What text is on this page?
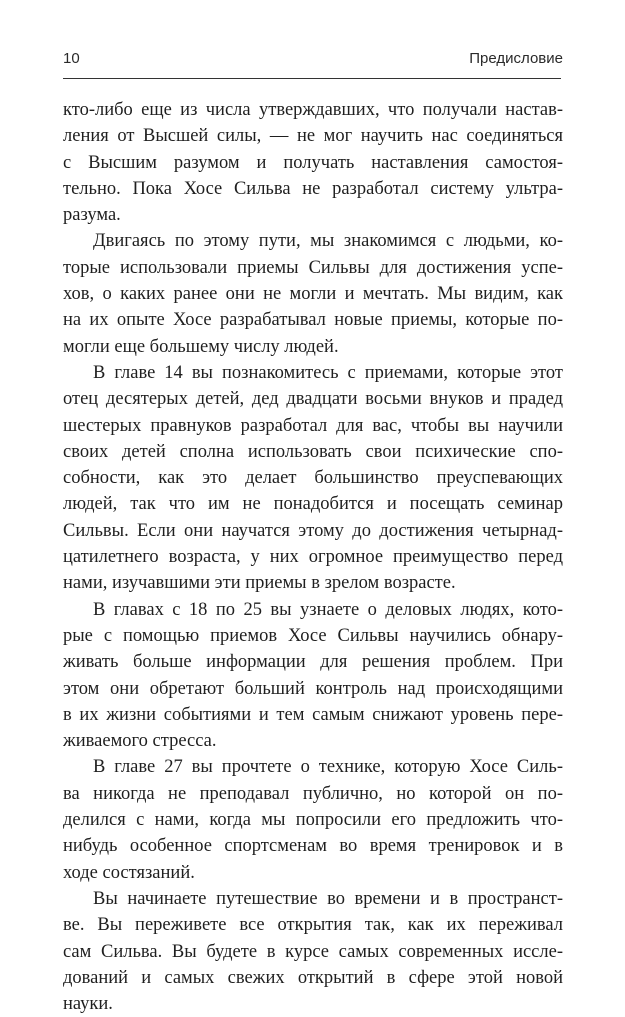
10	Предисловие
кто-либо еще из числа утверждавших, что получали настав-
ления от Высшей силы, — не мог научить нас соединяться
с Высшим разумом и получать наставления самостоя-
тельно. Пока Хосе Сильва не разработал систему ультра-
разума.
Двигаясь по этому пути, мы знакомимся с людьми, ко-
торые использовали приемы Сильвы для достижения успе-
хов, о каких ранее они не могли и мечтать. Мы видим, как
на их опыте Хосе разрабатывал новые приемы, которые по-
могли еще большему числу людей.
В главе 14 вы познакомитесь с приемами, которые этот
отец десятерых детей, дед двадцати восьми внуков и прадед
шестерых правнуков разработал для вас, чтобы вы научили
своих детей сполна использовать свои психические спо-
собности, как это делает большинство преуспевающих
людей, так что им не понадобится и посещать семинар
Сильвы. Если они научатся этому до достижения четырнад-
цатилетнего возраста, у них огромное преимущество перед
нами, изучавшими эти приемы в зрелом возрасте.
В главах с 18 по 25 вы узнаете о деловых людях, кото-
рые с помощью приемов Хосе Сильвы научились обнару-
живать больше информации для решения проблем. При
этом они обретают больший контроль над происходящими
в их жизни событиями и тем самым снижают уровень пере-
живаемого стресса.
В главе 27 вы прочтете о технике, которую Хосе Силь-
ва никогда не преподавал публично, но которой он по-
делился с нами, когда мы попросили его предложить что-
нибудь особенное спортсменам во время тренировок и в
ходе состязаний.
Вы начинаете путешествие во времени и в пространст-
ве. Вы переживете все открытия так, как их переживал
сам Сильва. Вы будете в курсе самых современных иссле-
дований и самых свежих открытий в сфере этой новой
науки.
